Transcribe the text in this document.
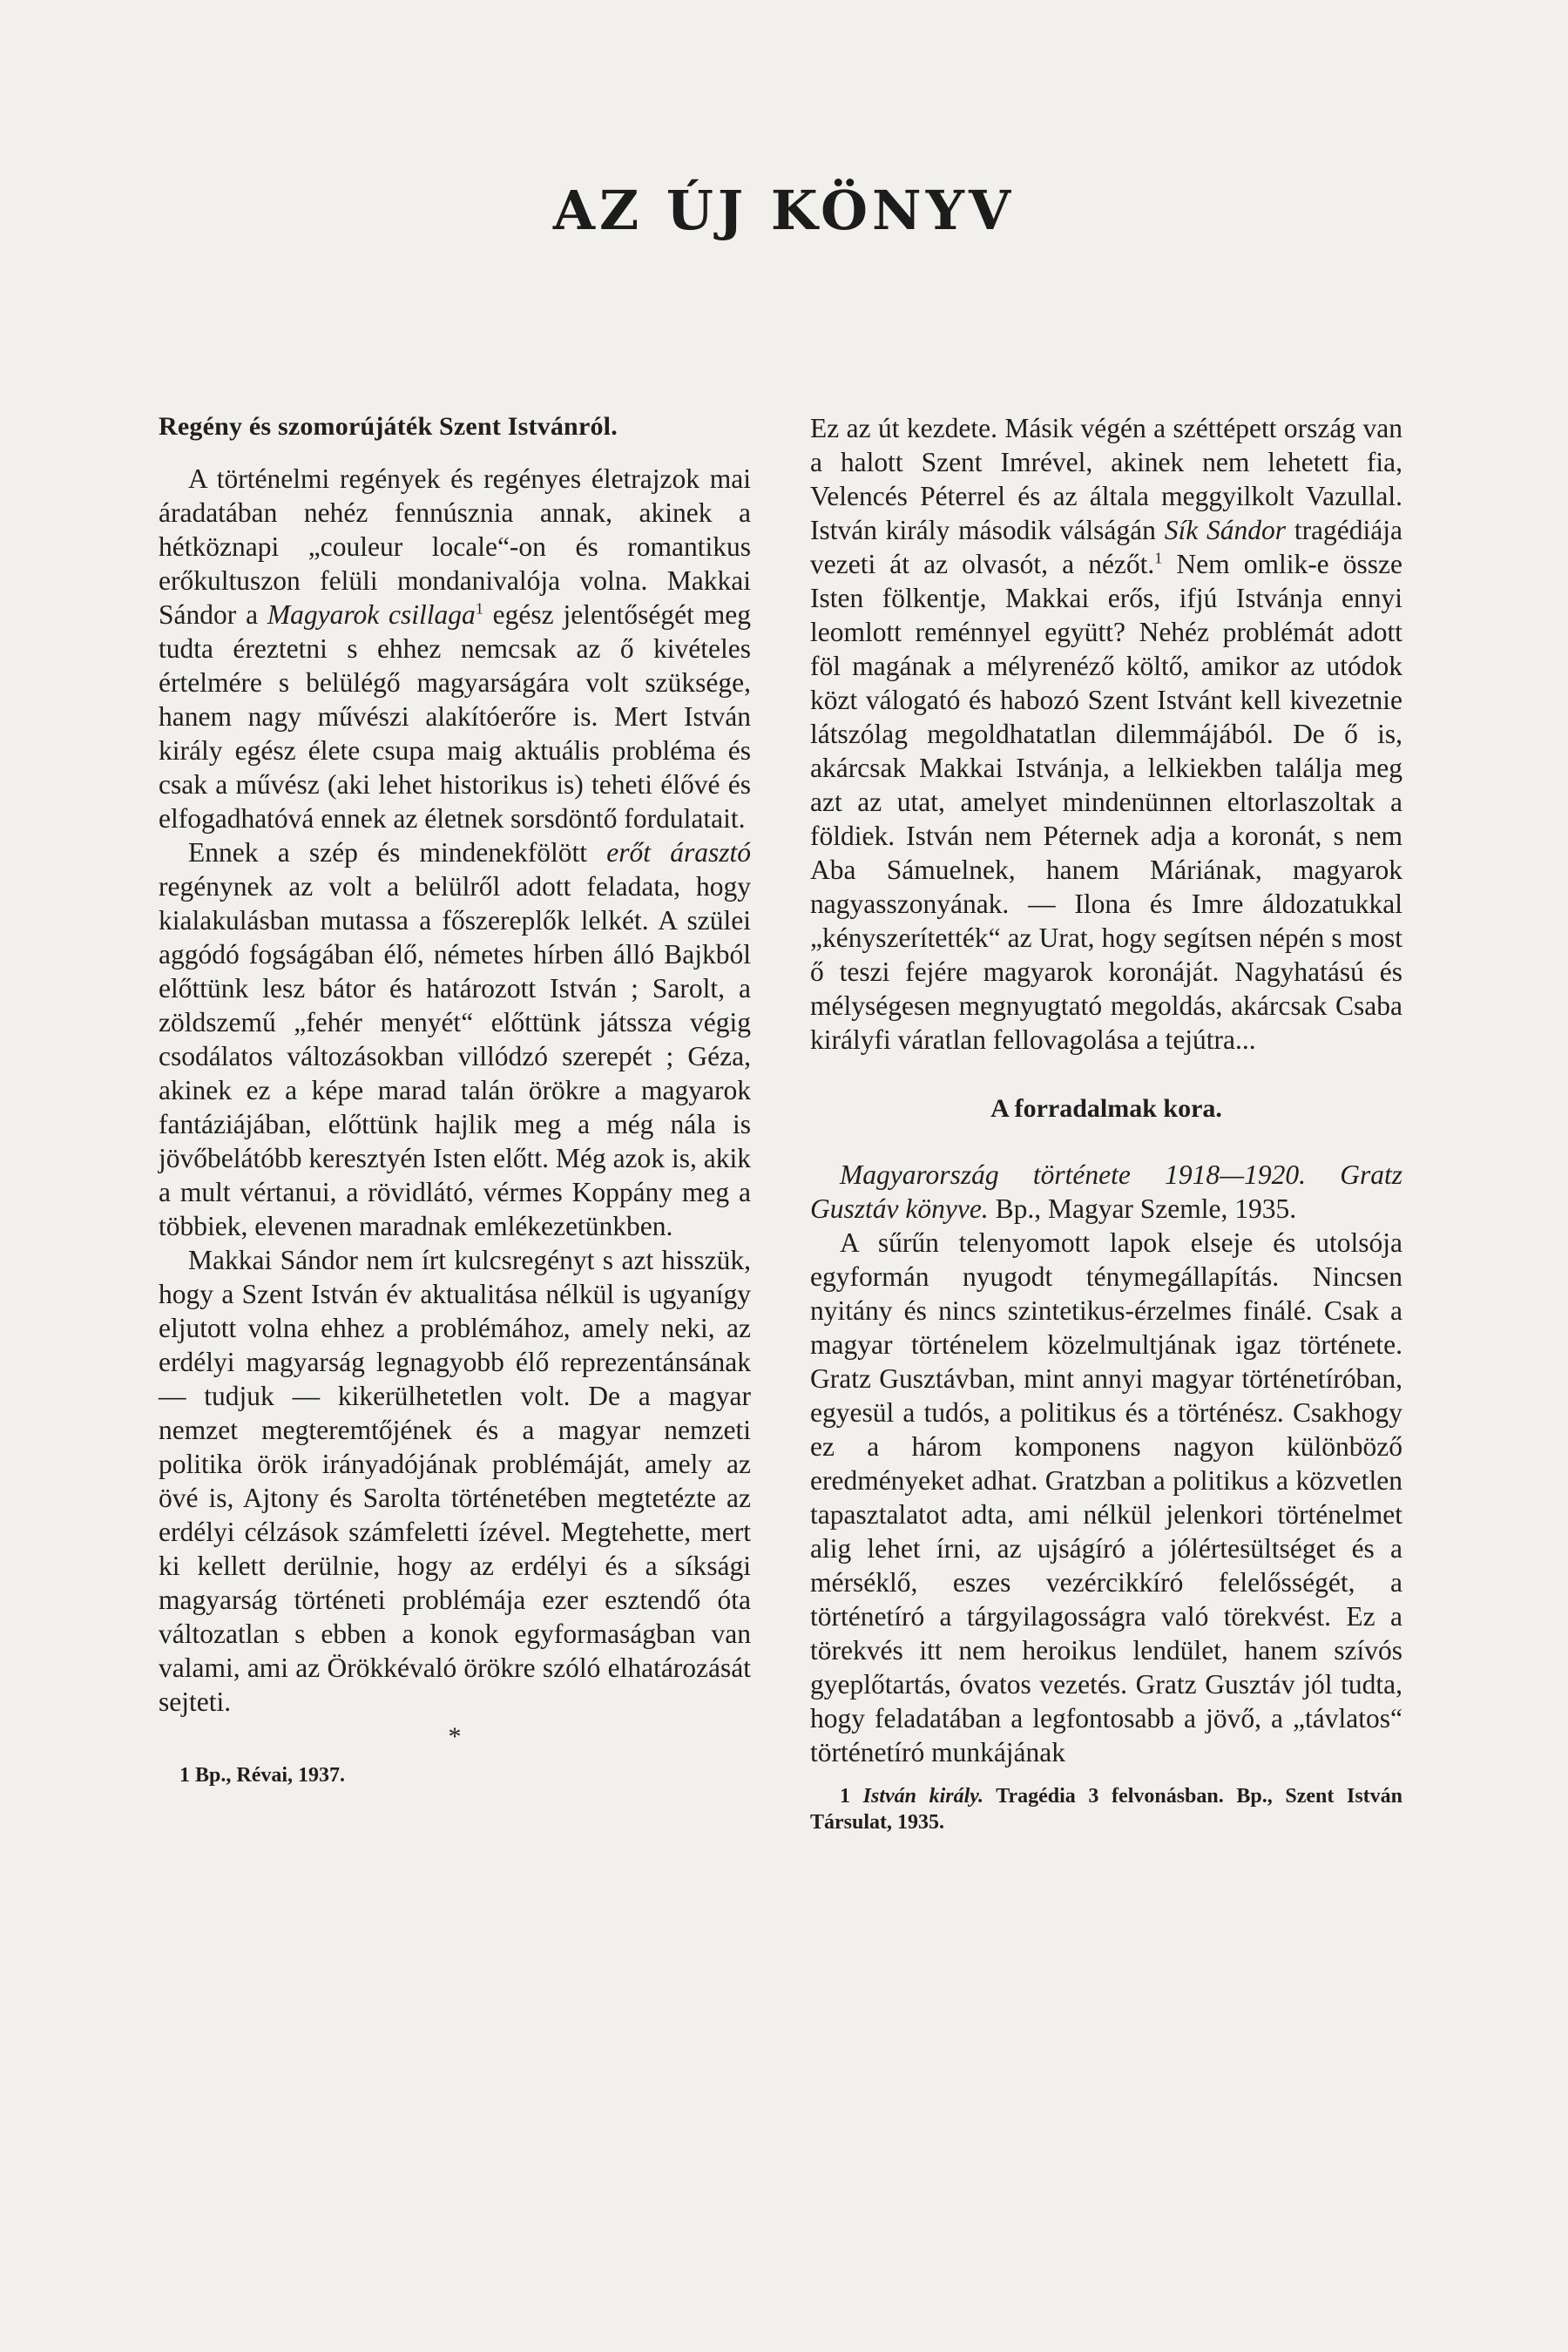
AZ ÚJ KÖNYV
Regény és szomorújáték Szent Istvánról.

A történelmi regények és regényes életrajzok mai áradatában nehéz fennúsznia annak, akinek a hétköznapi „couleur locale“-on és romantikus erőkultuszon felüli mondanivalója volna. Makkai Sándor a Magyarok csillaga$^1$ egész jelentőségét meg tudta éreztetni s ehhez nemcsak az ő kivételes értelmére s belülégő magyarságára volt szüksége, hanem nagy művészi alakítóerőre is. Mert István király egész élete csupa maig aktuális probléma és csak a művész (aki lehet historikus is) teheti élővé és elfogadhatóvá ennek az életnek sorsdöntő fordulatait.

Ennek a szép és mindenekfölött erőt árasztó regénynek az volt a belülről adott feladata, hogy kialakulásban mutassa a főszereplők lelkét. A szülei aggódó fogságában élő, németes hírben álló Bajkból előttünk lesz bátor és határozott István ; Sarolt, a zöldszemű „fehér menyét“ előttünk játssza végig csodálatos változásokban villódzó szerepét ; Géza, akinek ez a képe marad talán örökre a magyarok fantáziájában, előttünk hajlik meg a még nála is jövőbelátóbb keresztyén Isten előtt. Még azok is, akik a mult vértanui, a rövidlátó, vérmes Koppány meg a többiek, elevenen maradnak emlékezetünkben.

Makkai Sándor nem írt kulcsregényt s azt hisszük, hogy a Szent István év aktualitása nélkül is ugyanígy eljutott volna ehhez a problémához, amely neki, az erdélyi magyarság legnagyobb élő reprezentánsának — tudjuk — kikerülhetetlen volt. De a magyar nemzet megteremtőjének és a magyar nemzeti politika örök irányadójának problémáját, amely az övé is, Ajtony és Sarolta történetében megtetézte az erdélyi célzások számfeletti ízével. Megtehette, mert ki kellett derülnie, hogy az erdélyi és a síksági magyarság történeti problémája ezer esztendő óta változatlan s ebben a konok egyformaságban van valami, ami az Örökkévaló örökre szóló elhatározását sejteti.

*

1 Bp., Révai, 1937.

Ez az út kezdete. Másik végén a széttépett ország van a halott Szent Imrével, akinek nem lehetett fia, Velencés Péterrel és az általa meggyilkolt Vazullal. István király második válságán Sík Sándor tragédiája vezeti át az olvasót, a nézőt.$^1$ Nem omlik-e össze Isten fölkentje, Makkai erős, ifjú Istvánja ennyi leomlott reménnyel együtt? Nehéz problémát adott föl magának a mélyrenéző költő, amikor az utódok közt válogató és habozó Szent Istvánt kell kivezetnie látszólag megoldhatatlan dilemmájából. De ő is, akárcsak Makkai Istvánja, a lelkiekben találja meg azt az utat, amelyet mindenünnen eltorlaszoltak a földiek. István nem Péternek adja a koronát, s nem Aba Sámuelnek, hanem Máriának, magyarok nagyasszonyának. — Ilona és Imre áldozatukkal „kényszerítették“ az Urat, hogy segítsen népén s most ő teszi fejére magyarok koronáját. Nagyhatású és mélységesen megnyugtató megoldás, akárcsak Csaba királyfi váratlan fellovagolása a tejútra...

A forradalmak kora.

Magyarország története 1918—1920. Gratz Gusztáv könyve. Bp., Magyar Szemle, 1935.

A sűrűn telenyomott lapok elseje és utolsója egyformán nyugodt ténymegállapítás. Nincsen nyitány és nincs szintetikus-érzelmes finálé. Csak a magyar történelem közelmultjának igaz története. Gratz Gusztávban, mint annyi magyar történetíróban, egyesül a tudós, a politikus és a történész. Csakhogy ez a három komponens nagyon különböző eredményeket adhat. Gratzban a politikus a közvetlen tapasztalatot adta, ami nélkül jelenkori történelmet alig lehet írni, az ujságíró a jólértesültséget és a mérséklő, eszes vezércikkíró felelősségét, a történetíró a tárgyilagosságra való törekvést. Ez a törekvés itt nem heroikus lendület, hanem szívós gyeplőtartás, óvatos vezetés. Gratz Gusztáv jól tudta, hogy feladatában a legfontosabb a jövő, a „távlatos“ történetíró munkájának

1 István király. Tragédia 3 felvonásban. Bp., Szent István Társulat, 1935.
